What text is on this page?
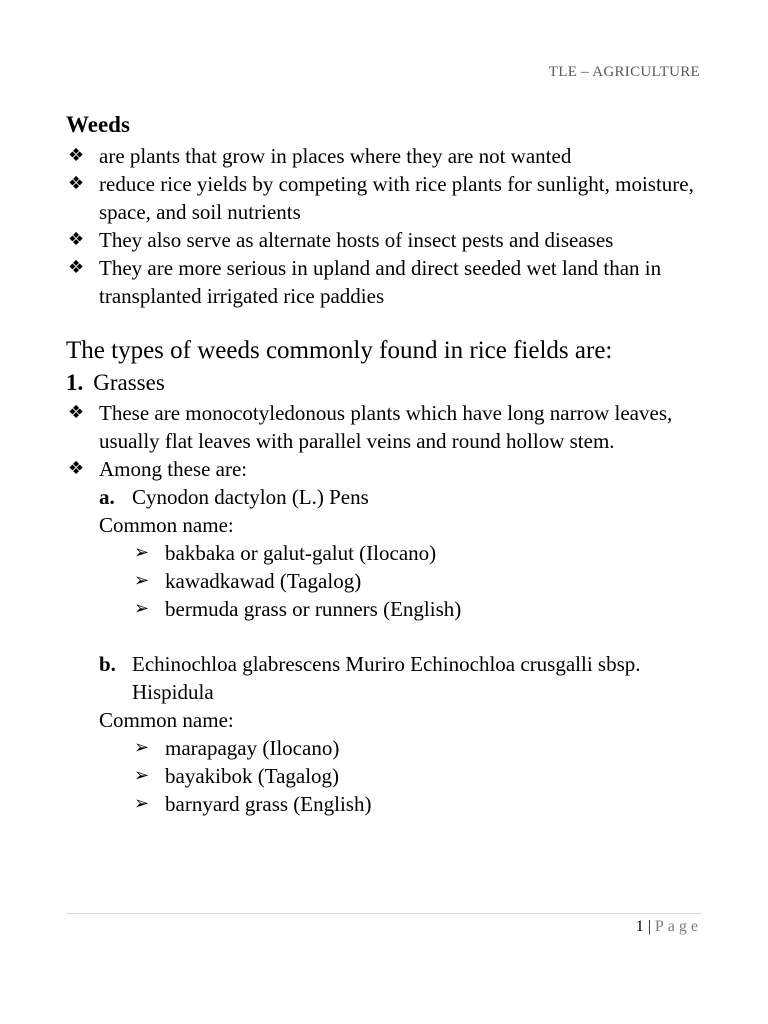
TLE – AGRICULTURE
Weeds
❖ are plants that grow in places where they are not wanted
❖ reduce rice yields by competing with rice plants for sunlight, moisture, space, and soil nutrients
❖ They also serve as alternate hosts of insect pests and diseases
❖ They are more serious in upland and direct seeded wet land than in transplanted irrigated rice paddies

The types of weeds commonly found in rice fields are:

1. Grasses
❖ These are monocotyledonous plants which have long narrow leaves, usually flat leaves with parallel veins and round hollow stem.
❖ Among these are:
a. Cynodon dactylon (L.) Pens
Common name:
➢ bakbaka or galut-galut (Ilocano)
➢ kawadkawad (Tagalog)
➢ bermuda grass or runners (English)
b. Echinochloa glabrescens Muriro Echinochloa crusgalli sbsp. Hispidula
Common name:
➢ marapagay (Ilocano)
➢ bayakibok (Tagalog)
➢ barnyard grass (English)
1 | Page
